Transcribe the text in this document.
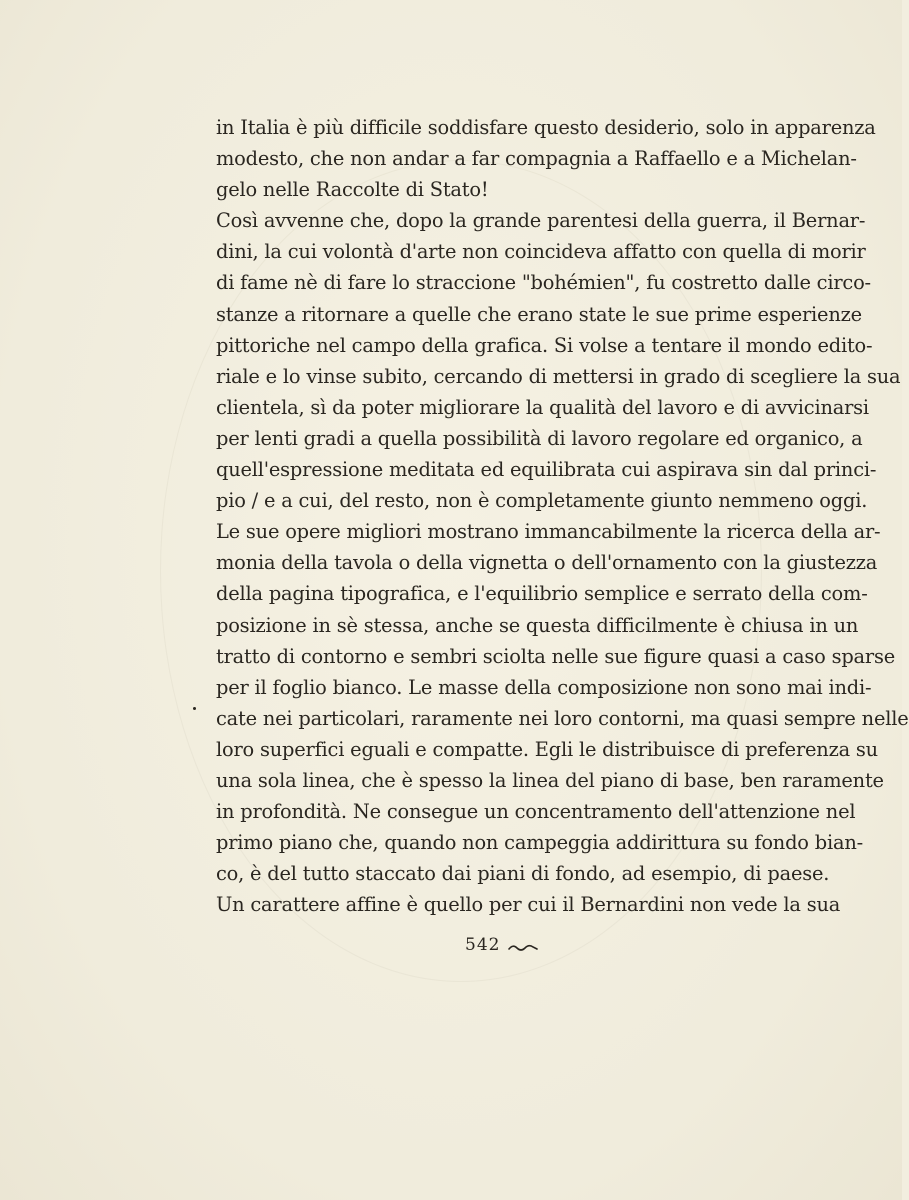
in Italia è più difficile soddisfare questo desiderio, solo in apparenza
modesto, che non andar a far compagnia a Raffaello e a Michelan-
gelo nelle Raccolte di Stato!
Così avvenne che, dopo la grande parentesi della guerra, il Bernar-
dini, la cui volontà d'arte non coincideva affatto con quella di morir
di fame nè di fare lo straccione "bohémien", fu costretto dalle circo-
stanze a ritornare a quelle che erano state le sue prime esperienze
pittoriche nel campo della grafica. Si volse a tentare il mondo edito-
riale e lo vinse subito, cercando di mettersi in grado di scegliere la sua
clientela, sì da poter migliorare la qualità del lavoro e di avvicinarsi
per lenti gradi a quella possibilità di lavoro regolare ed organico, a
quell'espressione meditata ed equilibrata cui aspirava sin dal princi-
pio / e a cui, del resto, non è completamente giunto nemmeno oggi.
Le sue opere migliori mostrano immancabilmente la ricerca della ar-
monia della tavola o della vignetta o dell'ornamento con la giustezza
della pagina tipografica, e l'equilibrio semplice e serrato della com-
posizione in sè stessa, anche se questa difficilmente è chiusa in un
tratto di contorno e sembri sciolta nelle sue figure quasi a caso sparse
per il foglio bianco. Le masse della composizione non sono mai indi-
cate nei particolari, raramente nei loro contorni, ma quasi sempre nelle
loro superfici eguali e compatte. Egli le distribuisce di preferenza su
una sola linea, che è spesso la linea del piano di base, ben raramente
in profondità. Ne consegue un concentramento dell'attenzione nel
primo piano che, quando non campeggia addirittura su fondo bian-
co, è del tutto staccato dai piani di fondo, ad esempio, di paese.
Un carattere affine è quello per cui il Bernardini non vede la sua
542
